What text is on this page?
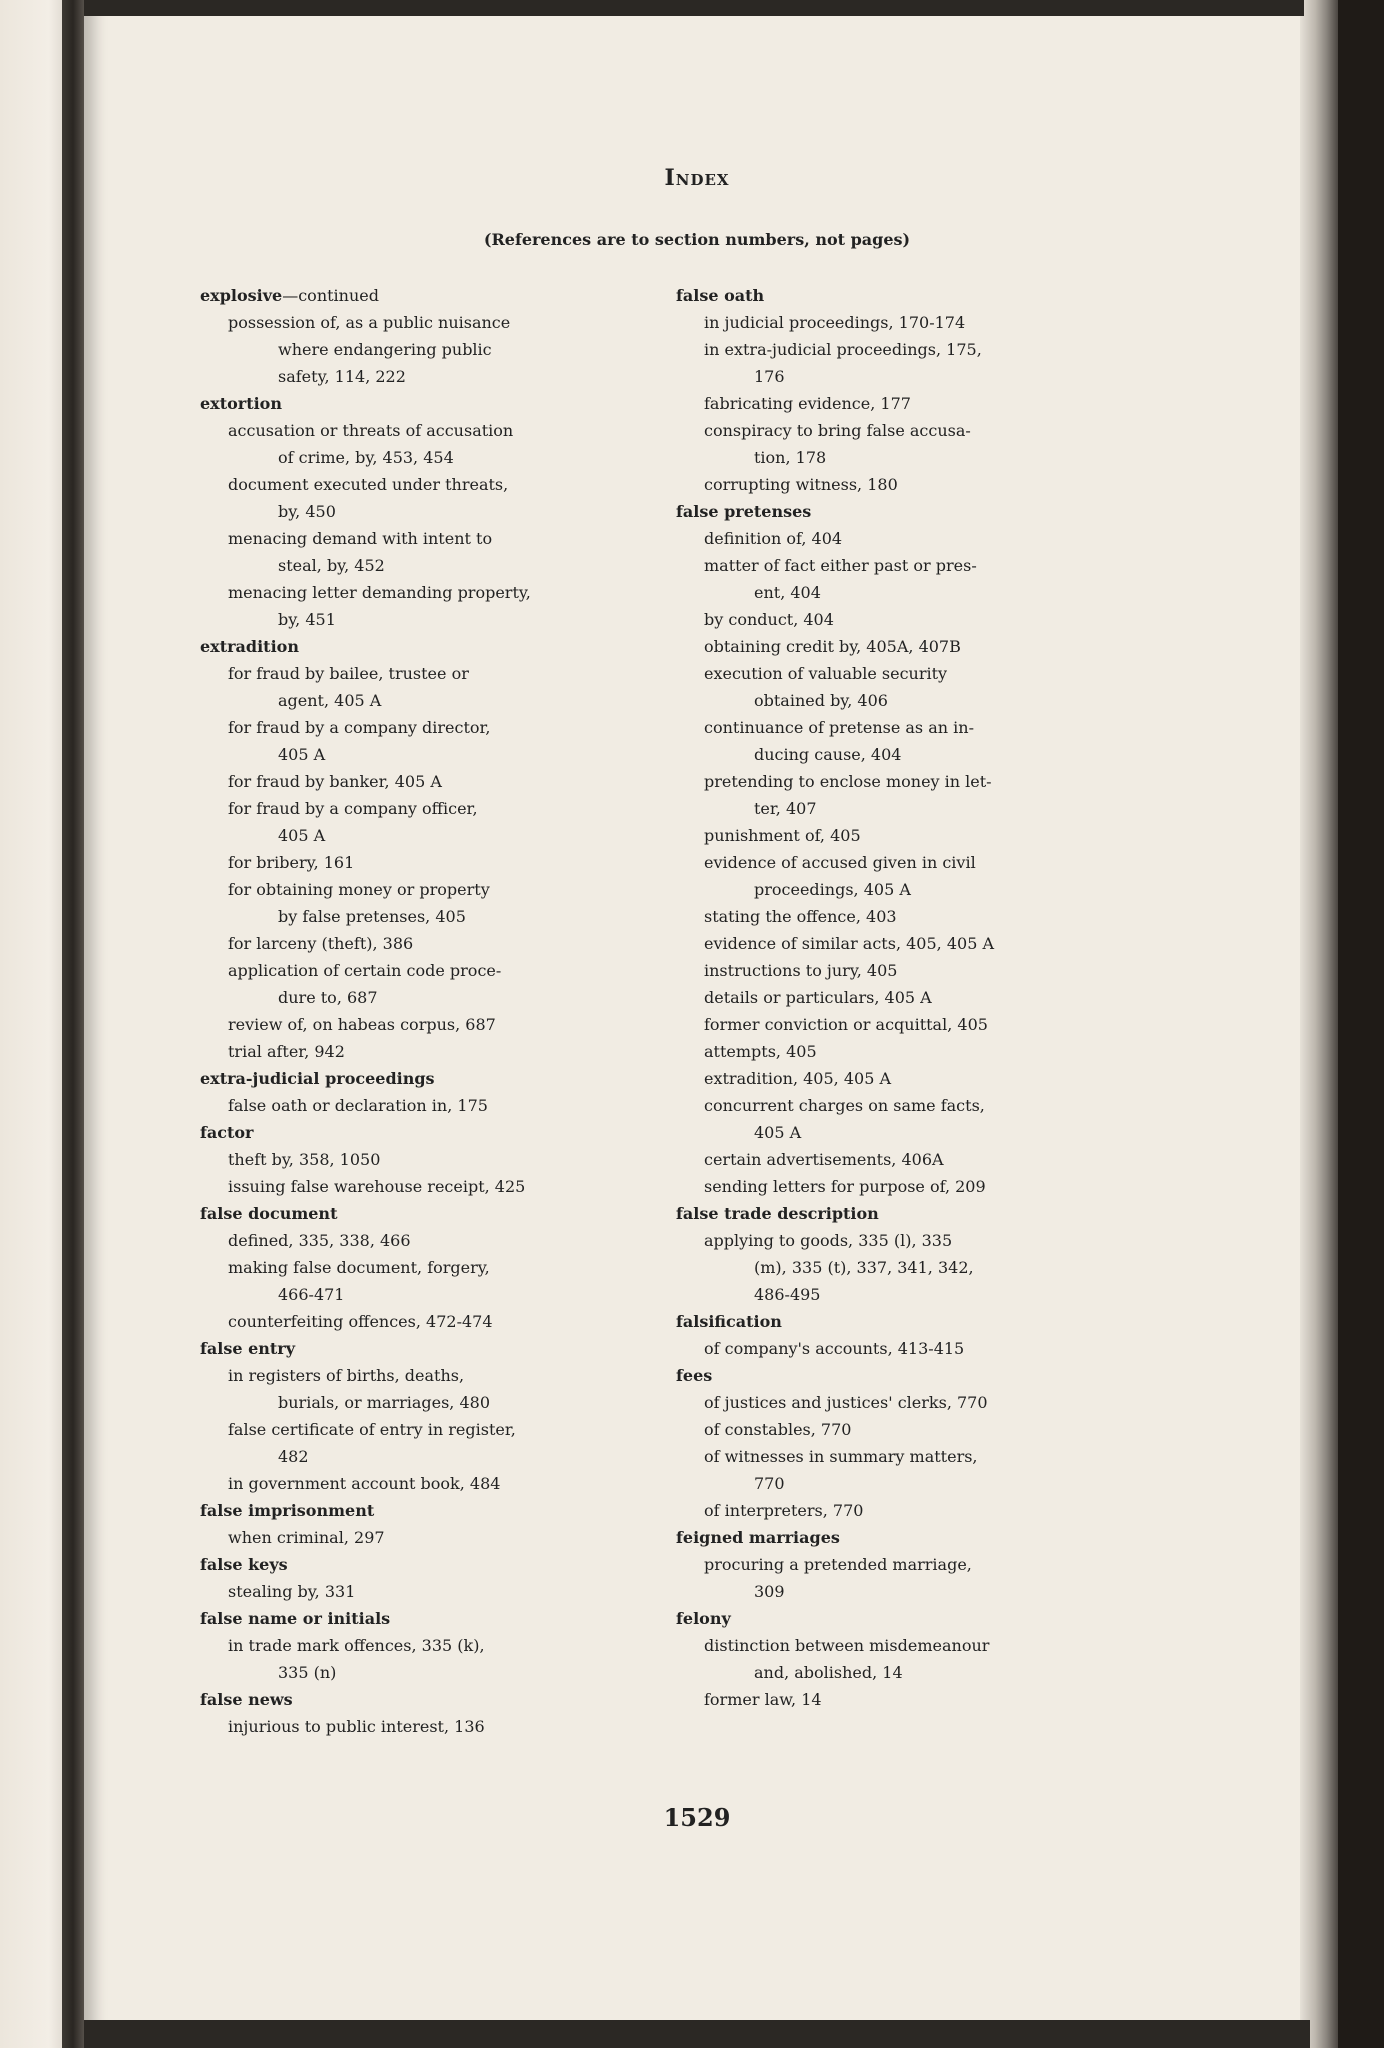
Index
(References are to section numbers, not pages)
explosive—continued
possession of, as a public nuisance
where endangering public
safety, 114, 222
extortion
accusation or threats of accusation
of crime, by, 453, 454
document executed under threats,
by, 450
menacing demand with intent to
steal, by, 452
menacing letter demanding property,
by, 451
extradition
for fraud by bailee, trustee or
agent, 405 A
for fraud by a company director,
405 A
for fraud by banker, 405 A
for fraud by a company officer,
405 A
for bribery, 161
for obtaining money or property
by false pretenses, 405
for larceny (theft), 386
application of certain code proce-
dure to, 687
review of, on habeas corpus, 687
trial after, 942
extra-judicial proceedings
false oath or declaration in, 175
factor
theft by, 358, 1050
issuing false warehouse receipt, 425
false document
defined, 335, 338, 466
making false document, forgery,
466-471
counterfeiting offences, 472-474
false entry
in registers of births, deaths,
burials, or marriages, 480
false certificate of entry in register,
482
in government account book, 484
false imprisonment
when criminal, 297
false keys
stealing by, 331
false name or initials
in trade mark offences, 335 (k),
335 (n)
false news
injurious to public interest, 136
false oath
in judicial proceedings, 170-174
in extra-judicial proceedings, 175,
176
fabricating evidence, 177
conspiracy to bring false accusa-
tion, 178
corrupting witness, 180
false pretenses
definition of, 404
matter of fact either past or pres-
ent, 404
by conduct, 404
obtaining credit by, 405A, 407B
execution of valuable security
obtained by, 406
continuance of pretense as an in-
ducing cause, 404
pretending to enclose money in let-
ter, 407
punishment of, 405
evidence of accused given in civil
proceedings, 405 A
stating the offence, 403
evidence of similar acts, 405, 405 A
instructions to jury, 405
details or particulars, 405 A
former conviction or acquittal, 405
attempts, 405
extradition, 405, 405 A
concurrent charges on same facts,
405 A
certain advertisements, 406A
sending letters for purpose of, 209
false trade description
applying to goods, 335 (l), 335
(m), 335 (t), 337, 341, 342,
486-495
falsification
of company's accounts, 413-415
fees
of justices and justices' clerks, 770
of constables, 770
of witnesses in summary matters,
770
of interpreters, 770
feigned marriages
procuring a pretended marriage,
309
felony
distinction between misdemeanour
and, abolished, 14
former law, 14
1529
